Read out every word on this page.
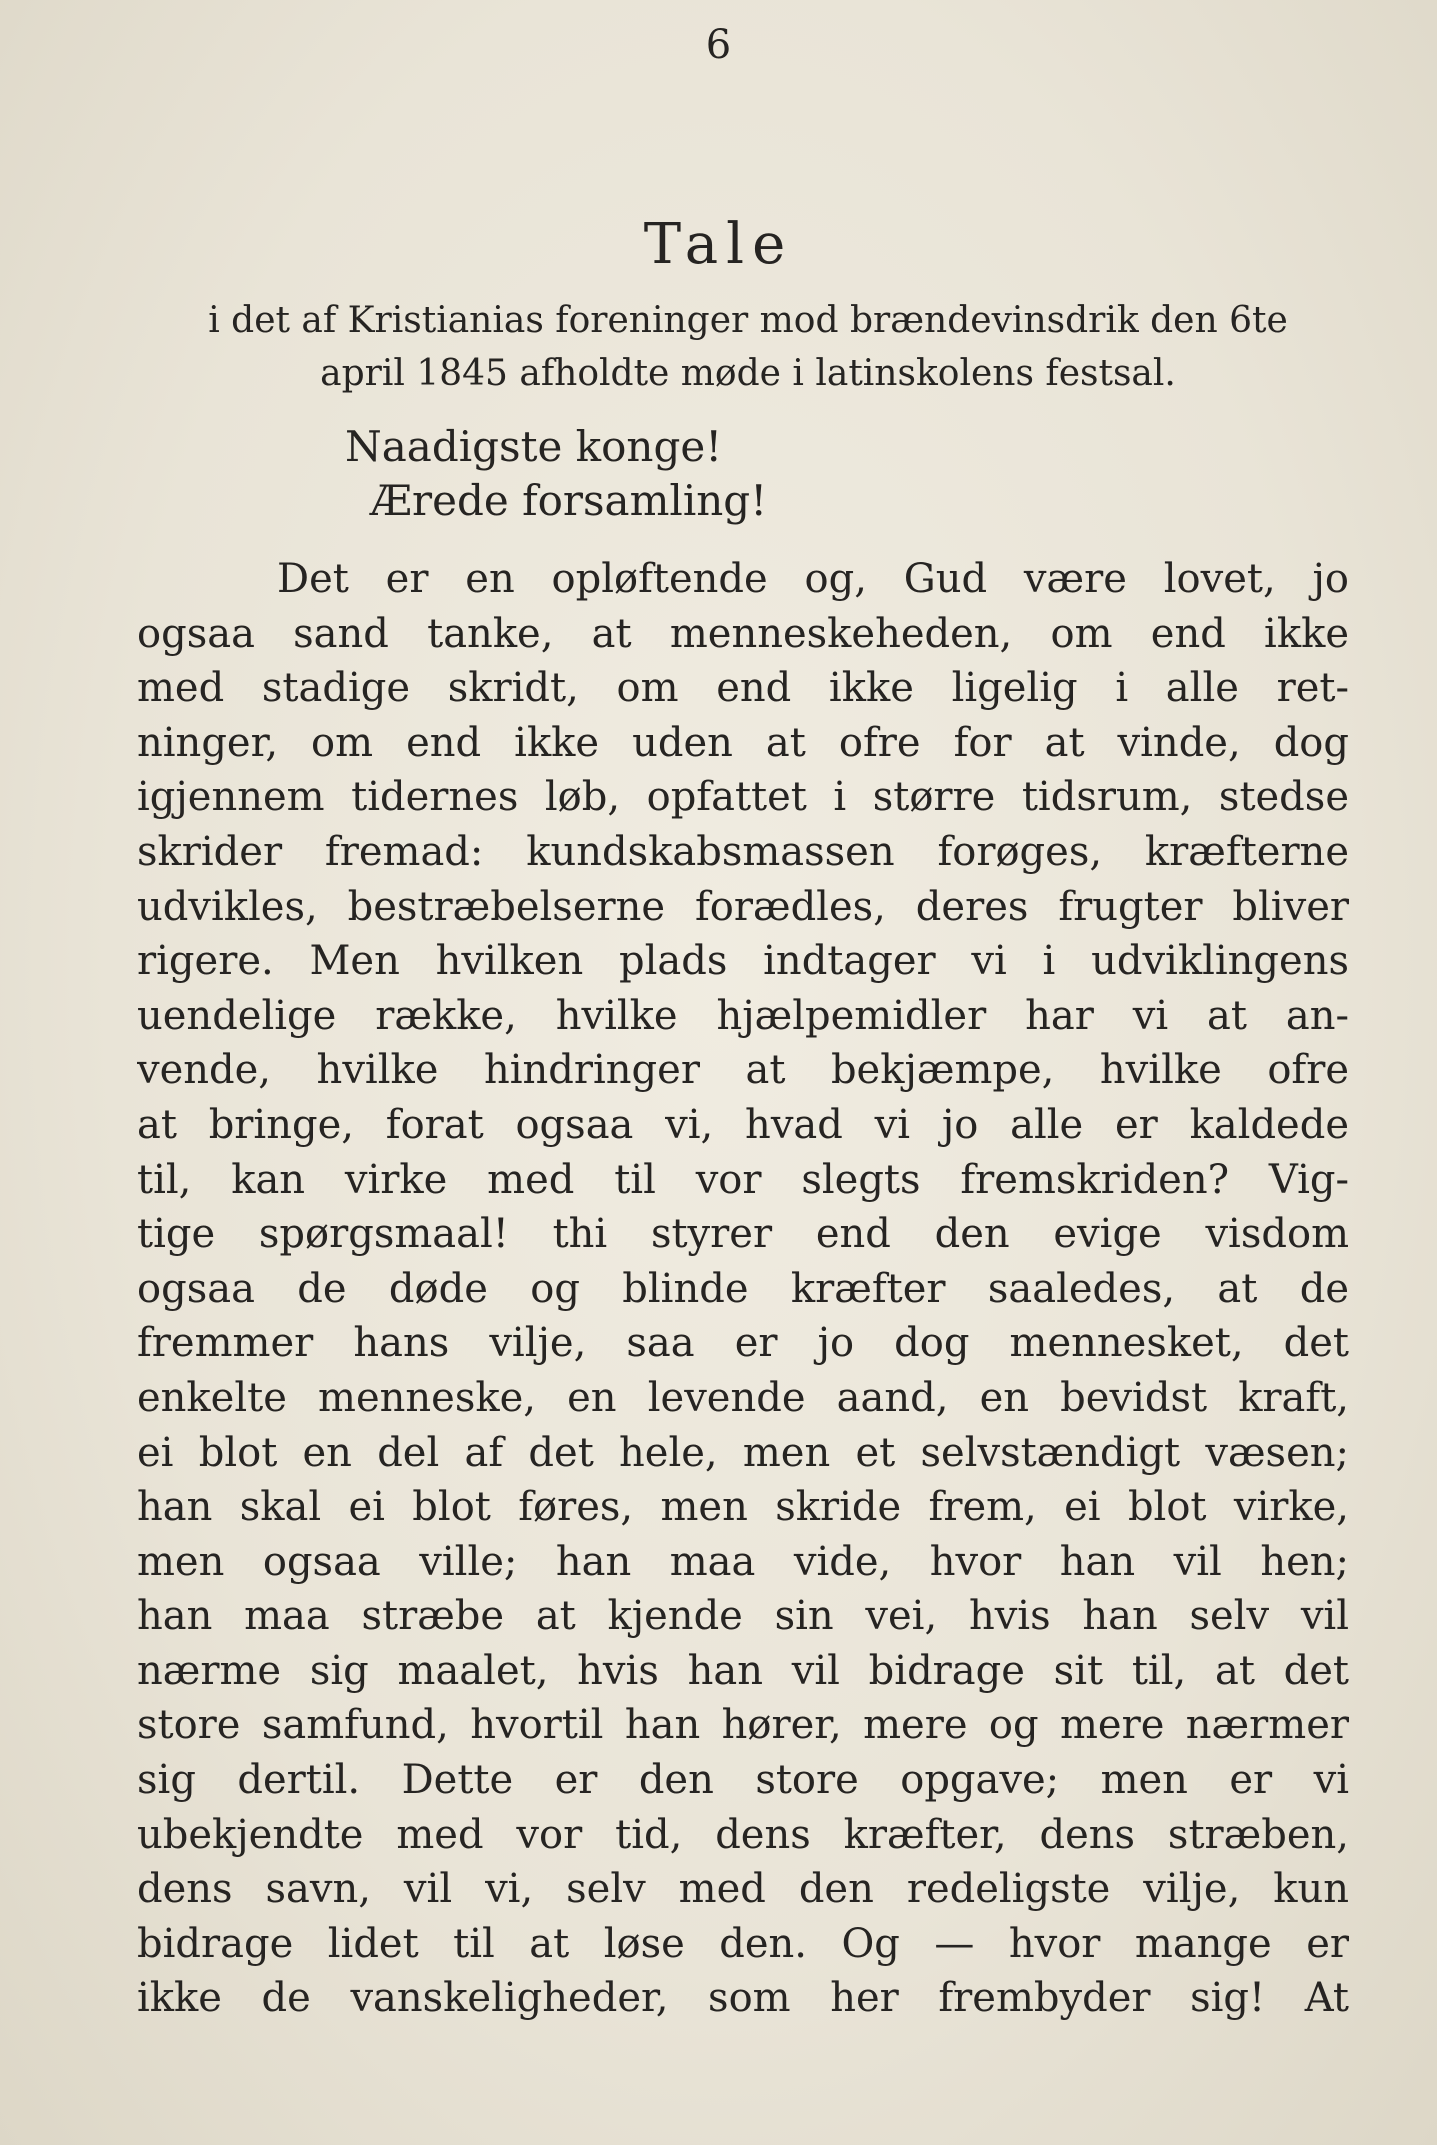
6
Tale
i det af Kristianias foreninger mod brændevinsdrik den 6te
april 1845 afholdte møde i latinskolens festsal.
Naadigste konge!
Ærede forsamling!
Det er en opløftende og, Gud være lovet, jo
ogsaa sand tanke, at menneskeheden, om end ikke
med stadige skridt, om end ikke ligelig i alle ret-
ninger, om end ikke uden at ofre for at vinde, dog
igjennem tidernes løb, opfattet i større tidsrum, stedse
skrider fremad: kundskabsmassen forøges, kræfterne
udvikles, bestræbelserne forædles, deres frugter bliver
rigere. Men hvilken plads indtager vi i udviklingens
uendelige række, hvilke hjælpemidler har vi at an-
vende, hvilke hindringer at bekjæmpe, hvilke ofre
at bringe, forat ogsaa vi, hvad vi jo alle er kaldede
til, kan virke med til vor slegts fremskriden? Vig-
tige spørgsmaal! thi styrer end den evige visdom
ogsaa de døde og blinde kræfter saaledes, at de
fremmer hans vilje, saa er jo dog mennesket, det
enkelte menneske, en levende aand, en bevidst kraft,
ei blot en del af det hele, men et selvstændigt væsen;
han skal ei blot føres, men skride frem, ei blot virke,
men ogsaa ville; han maa vide, hvor han vil hen;
han maa stræbe at kjende sin vei, hvis han selv vil
nærme sig maalet, hvis han vil bidrage sit til, at det
store samfund, hvortil han hører, mere og mere nærmer
sig dertil. Dette er den store opgave; men er vi
ubekjendte med vor tid, dens kræfter, dens stræben,
dens savn, vil vi, selv med den redeligste vilje, kun
bidrage lidet til at løse den. Og — hvor mange er
ikke de vanskeligheder, som her frembyder sig! At
